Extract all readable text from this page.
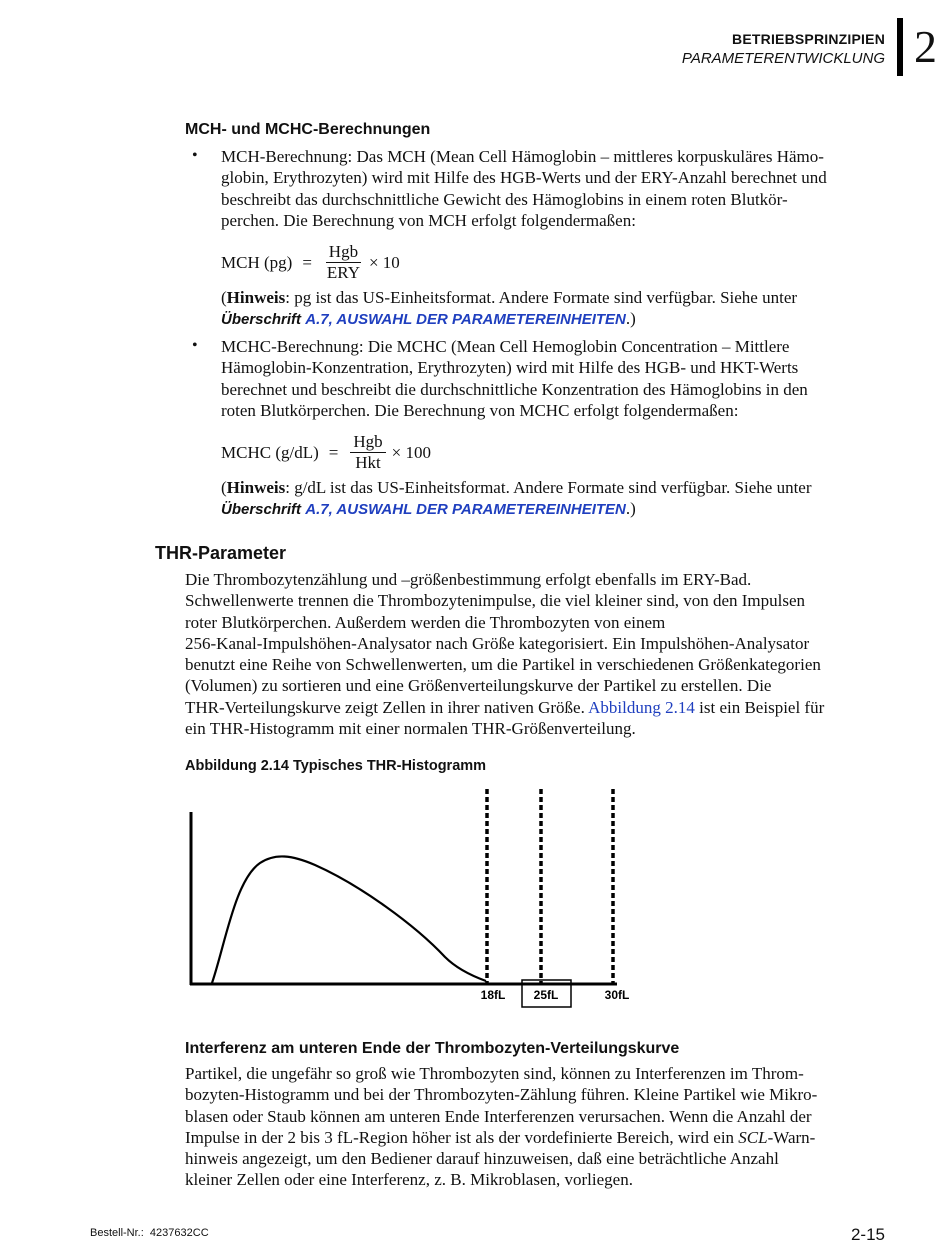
BETRIEBSPRINZIPIEN
PARAMETERENTWICKLUNG 2
MCH- und MCHC-Berechnungen
• MCH-Berechnung: Das MCH (Mean Cell Hämoglobin – mittleres korpuskuläres Hämo-

globin, Erythrozyten) wird mit Hilfe des HGB-Werts und der ERY-Anzahl berechnet und

beschreibt das durchschnittliche Gewicht des Hämoglobins in einem roten Blutkör-

perchen. Die Berechnung von MCH erfolgt folgendermaßen:

MCH $(pg) = \frac{\text{Hgb}}{\text{ERY}} \times 10$

(Hinweis: pg ist das US-Einheitsformat. Andere Formate sind verfügbar. Siehe unter

Überschrift A.7, AUSWAHL DER PARAMETEREINHEITEN.)

• MCHC-Berechnung: Die MCHC (Mean Cell Hemoglobin Concentration – Mittlere

Hämoglobin-Konzentration, Erythrozyten) wird mit Hilfe des HGB- und HKT-Werts

berechnet und beschreibt die durchschnittliche Konzentration des Hämoglobins in den

roten Blutkörperchen. Die Berechnung von MCHC erfolgt folgendermaßen:

MCHC $(g/dL) = \frac{\text{Hgb}}{\text{Hkt}} \times 100$

(Hinweis: g/dL ist das US-Einheitsformat. Andere Formate sind verfügbar. Siehe unter

Überschrift A.7, AUSWAHL DER PARAMETEREINHEITEN.)

THR-Parameter

Die Thrombozytenzählung und –größenbestimmung erfolgt ebenfalls im ERY-Bad.

Schwellenwerte trennen die Thrombozytenimpulse, die viel kleiner sind, von den Impulsen

roter Blutkörperchen. Außerdem werden die Thrombozyten von einem

256-Kanal-Impulshöhen-Analysator nach Größe kategorisiert. Ein Impulshöhen-Analysator

benutzt eine Reihe von Schwellenwerten, um die Partikel in verschiedenen Größenkategorien

(Volumen) zu sortieren und eine Größenverteilungskurve der Partikel zu erstellen. Die

THR-Verteilungskurve zeigt Zellen in ihrer nativen Größe. Abbildung 2.14 ist ein Beispiel für

ein THR-Histogramm mit einer normalen THR-Größenverteilung.

Abbildung 2.14 Typisches THR-Histogramm
18fL 25fL	30fL
Interferenz am unteren Ende der Thrombozyten-Verteilungskurve

Partikel, die ungefähr so groß wie Thrombozyten sind, können zu Interferenzen im Throm-

bozyten-Histogramm und bei der Thrombozyten-Zählung führen. Kleine Partikel wie Mikro-

blasen oder Staub können am unteren Ende Interferenzen verursachen. Wenn die Anzahl der

Impulse in der 2 bis 3 fL-Region höher ist als der vordefinierte Bereich, wird ein SCL-Warn-

hinweis angezeigt, um den Bediener darauf hinzuweisen, daß eine beträchtliche Anzahl

kleiner Zellen oder eine Interferenz, z. B. Mikroblasen, vorliegen.

Bestell-Nr.: 4237632CC	2-15
